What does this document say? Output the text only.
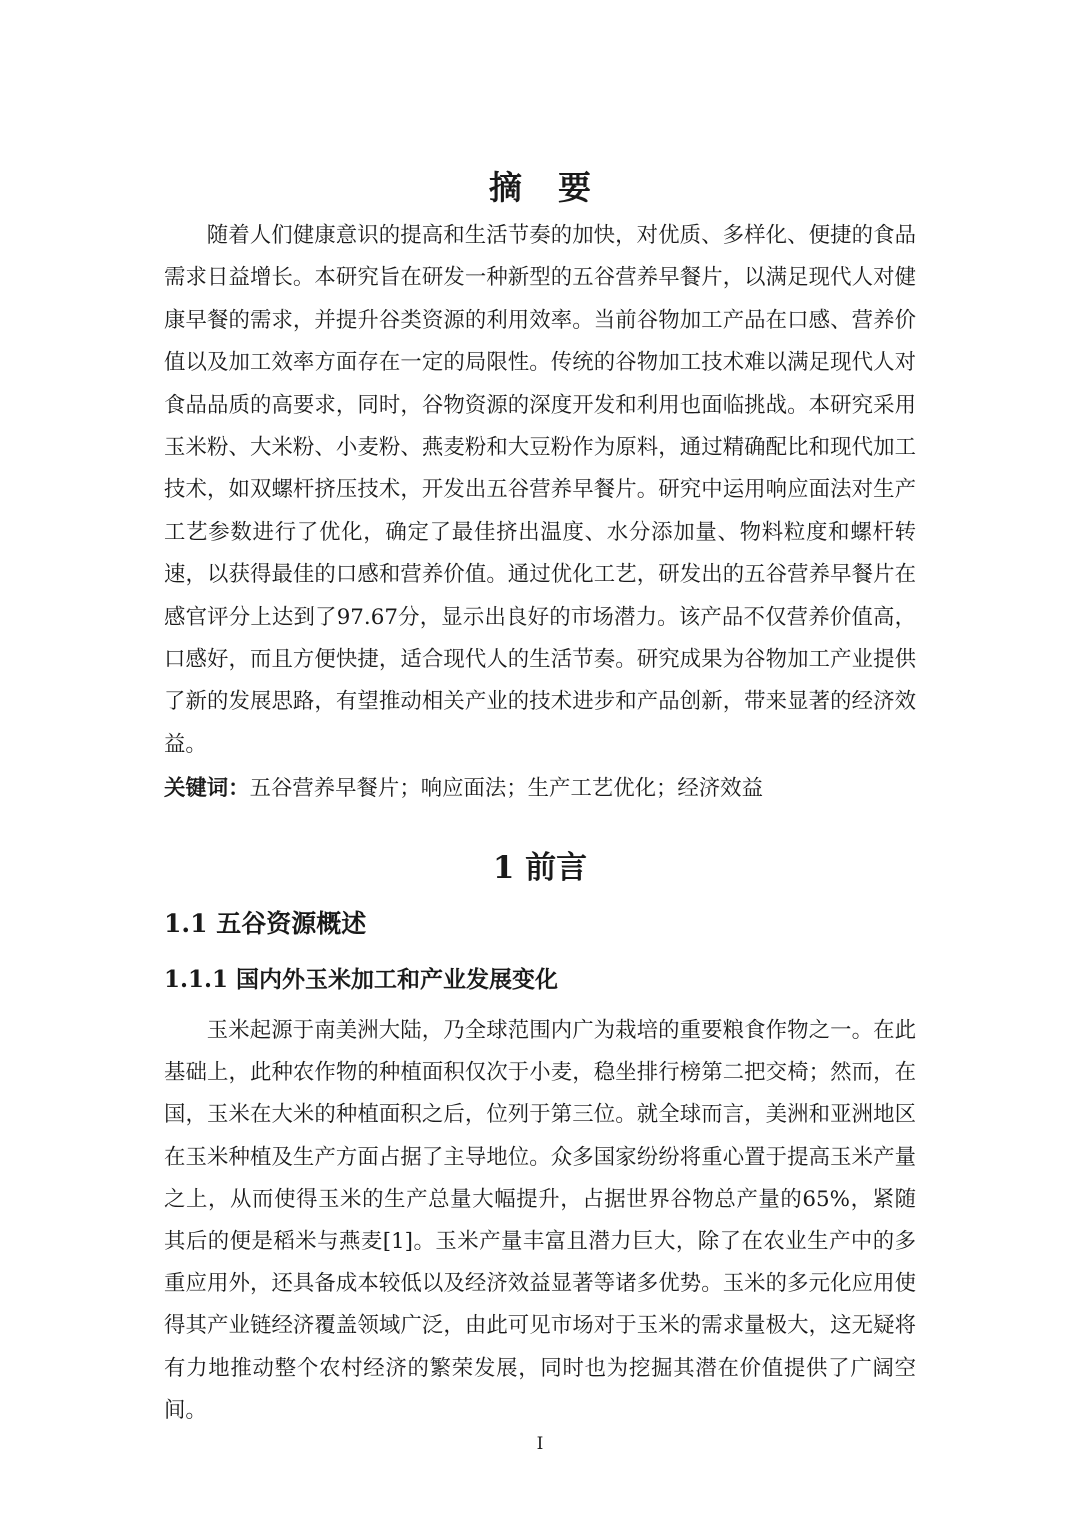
摘要

随着人们健康意识的提高和生活节奏的加快，对优质、多样化、便捷的食品需求日益增长。本研究旨在研发一种新型的五谷营养早餐片，以满足现代人对健康早餐的需求，并提升谷类资源的利用效率。当前谷物加工产品在口感、营养价值以及加工效率方面存在一定的局限性。传统的谷物加工技术难以满足现代人对食品品质的高要求，同时，谷物资源的深度开发和利用也面临挑战。本研究采用玉米粉、大米粉、小麦粉、燕麦粉和大豆粉作为原料，通过精确配比和现代加工技术，如双螺杆挤压技术，开发出五谷营养早餐片。研究中运用响应面法对生产工艺参数进行了优化，确定了最佳挤出温度、水分添加量、物料粒度和螺杆转速，以获得最佳的口感和营养价值。通过优化工艺，研发出的五谷营养早餐片在感官评分上达到了97.67分，显示出良好的市场潜力。该产品不仅营养价值高，口感好，而且方便快捷，适合现代人的生活节奏。研究成果为谷物加工产业提供了新的发展思路，有望推动相关产业的技术进步和产品创新，带来显著的经济效益。

关键词：五谷营养早餐片；响应面法；生产工艺优化；经济效益

1 前言
1.1 五谷资源概述
1.1.1 国内外玉米加工和产业发展变化

玉米起源于南美洲大陆，乃全球范围内广为栽培的重要粮食作物之一。在此基础上，此种农作物的种植面积仅次于小麦，稳坐排行榜第二把交椅；然而，在国，玉米在大米的种植面积之后，位列于第三位。就全球而言，美洲和亚洲地区在玉米种植及生产方面占据了主导地位。众多国家纷纷将重心置于提高玉米产量之上，从而使得玉米的生产总量大幅提升，占据世界谷物总产量的65%，紧随其后的便是稻米与燕麦[1]。玉米产量丰富且潜力巨大，除了在农业生产中的多重应用外，还具备成本较低以及经济效益显著等诸多优势。玉米的多元化应用使得其产业链经济覆盖领域广泛，由此可见市场对于玉米的需求量极大，这无疑将有力地推动整个农村经济的繁荣发展，同时也为挖掘其潜在价值提供了广阔空间。

I
